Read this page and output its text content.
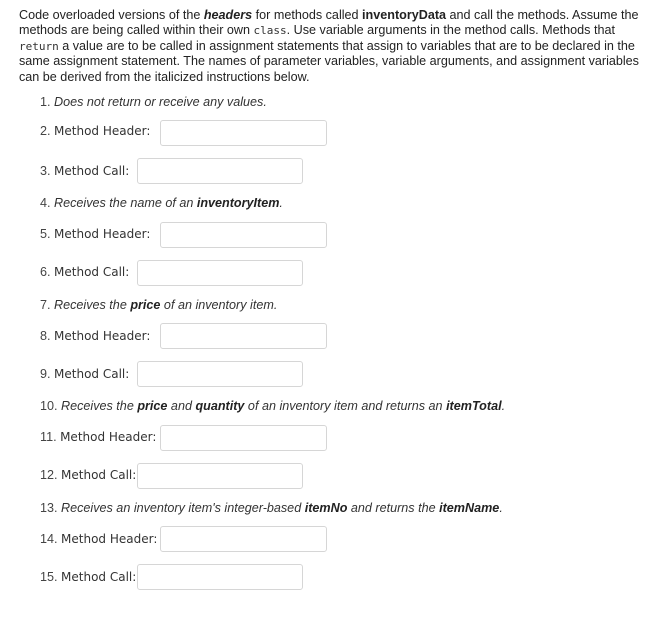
Code overloaded versions of the headers for methods called inventoryData and call the methods. Assume the methods are being called within their own class. Use variable arguments in the method calls. Methods that return a value are to be called in assignment statements that assign to variables that are to be declared in the same assignment statement. The names of parameter variables, variable arguments, and assignment variables can be derived from the italicized instructions below.
1.
Does not return or receive any values.
2.
Method Header:
3.
Method Call:
4.
Receives the name of an inventoryItem.
5.
Method Header:
6.
Method Call:
7.
Receives the price of an inventory item.
8.
Method Header:
9.
Method Call:
10.
Receives the price and quantity of an inventory item and returns an itemTotal.
11.
Method Header:
12.
Method Call:
13.
Receives an inventory item's integer-based itemNo and returns the itemName.
14.
Method Header:
15.
Method Call:
